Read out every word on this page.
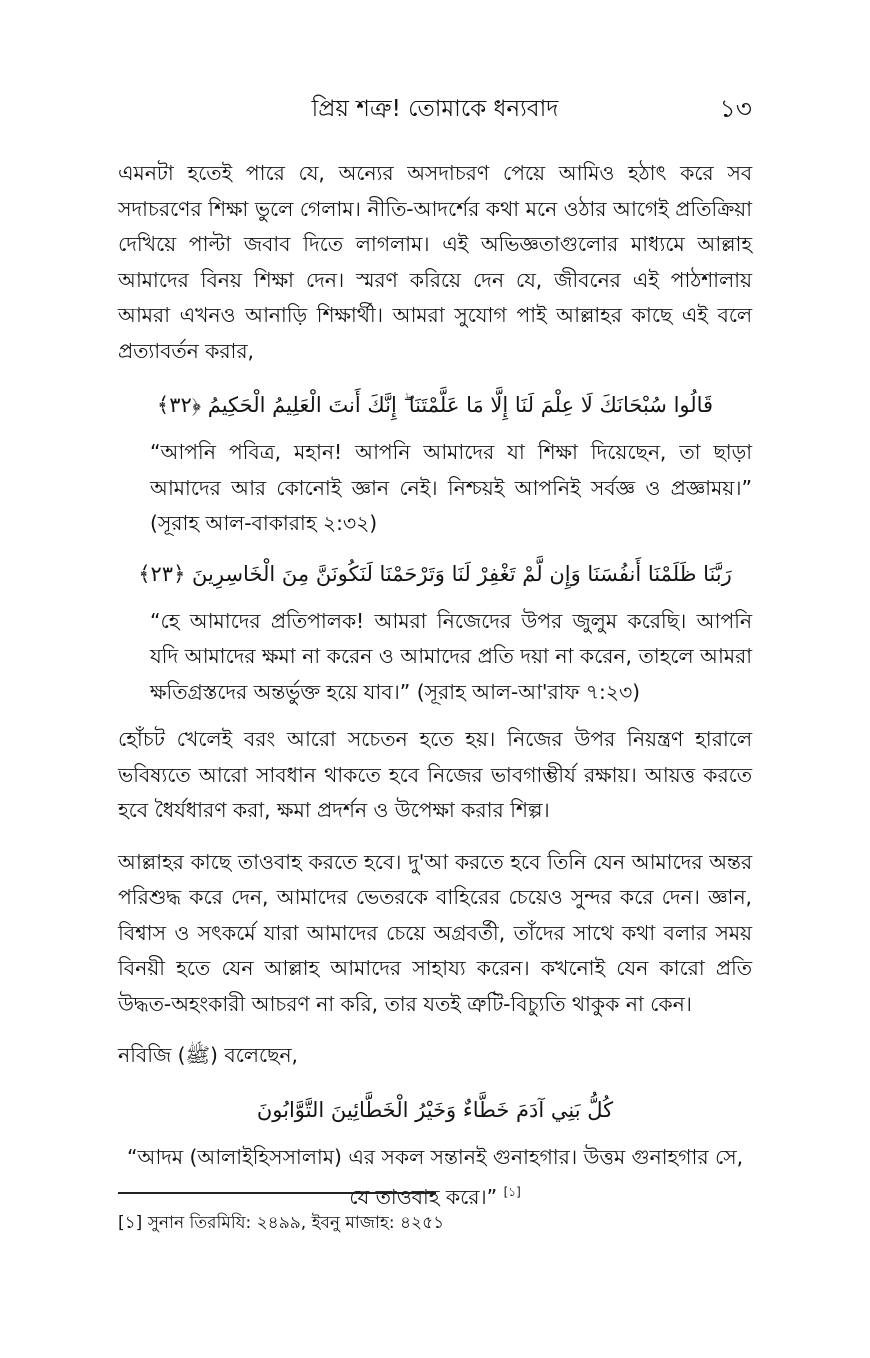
প্রিয় শত্রু! তোমাকে ধন্যবাদ	১৩

এমনটা হতেই পারে যে, অন্যের অসদাচরণ পেয়ে আমিও হঠাৎ করে সব সদাচরণের শিক্ষা ভুলে গেলাম। নীতি-আদর্শের কথা মনে ওঠার আগেই প্রতিক্রিয়া দেখিয়ে পাল্টা জবাব দিতে লাগলাম। এই অভিজ্ঞতাগুলোর মাধ্যমে আল্লাহ আমাদের বিনয় শিক্ষা দেন। স্মরণ করিয়ে দেন যে, জীবনের এই পাঠশালায় আমরা এখনও আনাড়ি শিক্ষার্থী। আমরা সুযোগ পাই আল্লাহর কাছে এই বলে প্রত্যাবর্তন করার,

قَالُوا سُبْحَانَكَ لَا عِلْمَ لَنَا إِلَّا مَا عَلَّمْتَنَا ۖ إِنَّكَ أَنتَ الْعَلِيمُ الْحَكِيمُ ﴿٣٢﴾
“আপনি পবিত্র, মহান! আপনি আমাদের যা শিক্ষা দিয়েছেন, তা ছাড়া আমাদের আর কোনোই জ্ঞান নেই। নিশ্চয়ই আপনিই সর্বজ্ঞ ও প্রজ্ঞাময়।” (সূরাহ আল-বাকারাহ ২:৩২)
رَبَّنَا ظَلَمْنَا أَنفُسَنَا وَإِن لَّمْ تَغْفِرْ لَنَا وَتَرْحَمْنَا لَنَكُونَنَّ مِنَ الْخَاسِرِينَ ﴿٢٣﴾
“হে আমাদের প্রতিপালক! আমরা নিজেদের উপর জুলুম করেছি। আপনি যদি আমাদের ক্ষমা না করেন ও আমাদের প্রতি দয়া না করেন, তাহলে আমরা ক্ষতিগ্রস্তদের অন্তর্ভুক্ত হয়ে যাব।” (সূরাহ আল-আ'রাফ ৭:২৩)

হোঁচট খেলেই বরং আরো সচেতন হতে হয়। নিজের উপর নিয়ন্ত্রণ হারালে ভবিষ্যতে আরো সাবধান থাকতে হবে নিজের ভাবগাম্ভীর্য রক্ষায়। আয়ত্ত করতে হবে ধৈর্যধারণ করা, ক্ষমা প্রদর্শন ও উপেক্ষা করার শিল্প।

আল্লাহর কাছে তাওবাহ করতে হবে। দু'আ করতে হবে তিনি যেন আমাদের অন্তর পরিশুদ্ধ করে দেন, আমাদের ভেতরকে বাহিরের চেয়েও সুন্দর করে দেন। জ্ঞান, বিশ্বাস ও সৎকর্মে যারা আমাদের চেয়ে অগ্রবর্তী, তাঁদের সাথে কথা বলার সময় বিনয়ী হতে যেন আল্লাহ আমাদের সাহায্য করেন। কখনোই যেন কারো প্রতি উদ্ধত-অহংকারী আচরণ না করি, তার যতই ত্রুটি-বিচ্যুতি থাকুক না কেন।

নবিজি (ﷺ) বলেছেন,

كُلُّ بَنِي آدَمَ خَطَّاءٌ وَخَيْرُ الْخَطَّائِينَ التَّوَّابُونَ
“আদম (আলাইহিসসালাম) এর সকল সন্তানই গুনাহগার। উত্তম গুনাহগার সে,
যে তাওবাহ করে।” [১]
[১] সুনান তিরমিযি: ২৪৯৯, ইবনু মাজাহ: ৪২৫১
